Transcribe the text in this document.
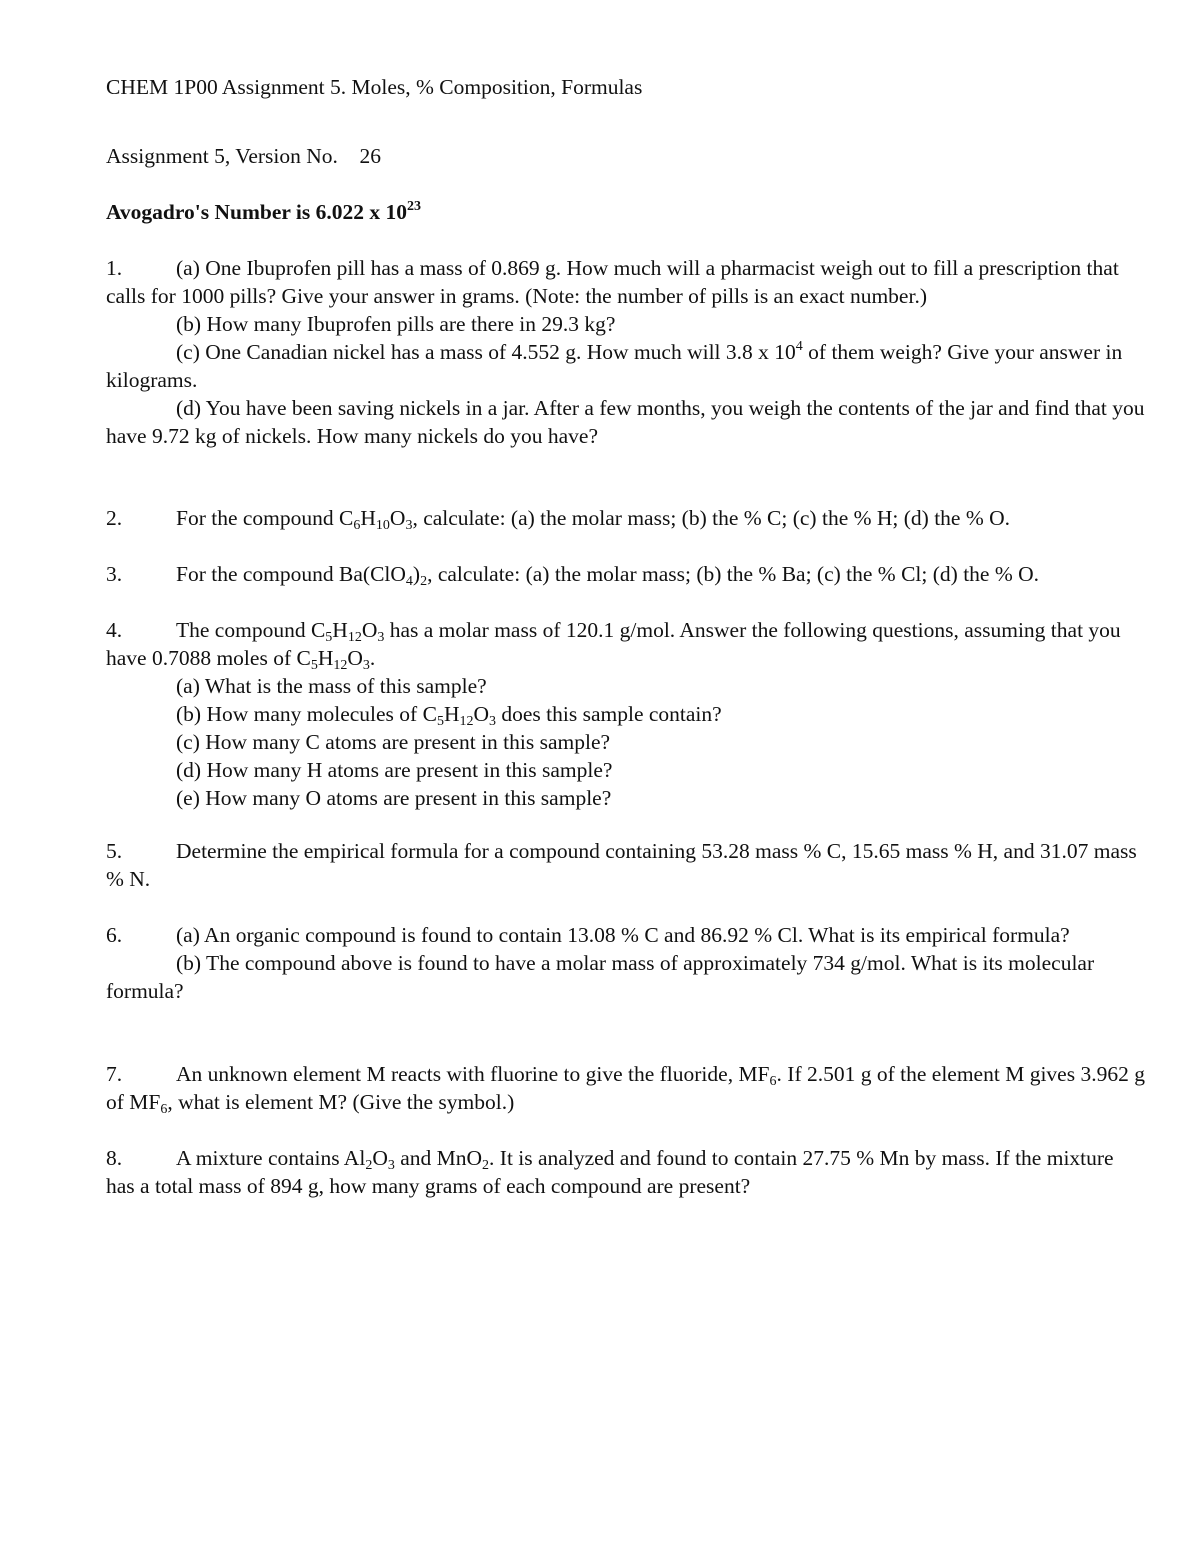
CHEM 1P00 Assignment 5. Moles, % Composition, Formulas
Assignment 5, Version No. 26
Avogadro's Number is 6.022 x $10^{23}$

1.	(a) One Ibuprofen pill has a mass of 0.869 g. How much will a pharmacist weigh out to fill a prescription that calls for 1000 pills? Give your answer in grams. (Note: the number of pills is an exact number.)

(b) How many Ibuprofen pills are there in 29.3 kg?

(c) One Canadian nickel has a mass of 4.552 g. How much will 3.8 x $10^4$ of them weigh? Give your answer in kilograms.

(d) You have been saving nickels in a jar. After a few months, you weigh the contents of the jar and find that you have 9.72 kg of nickels. How many nickels do you have?

2.	For the compound $C_6H_{10}O_3$, calculate: (a) the molar mass; (b) the % C; (c) the % H; (d) the % O.
3.	For the compound $Ba(ClO_4)_2$, calculate: (a) the molar mass; (b) the % Ba; (c) the % Cl; (d) the % O.

4.	The compound $C_5H_{12}O_3$ has a molar mass of 120.1 g/mol. Answer the following questions, assuming that you have 0.7088 moles of $C_5H_{12}O_3$.

(a) What is the mass of this sample?

(b) How many molecules of $C_5H_{12}O_3$ does this sample contain?

(c) How many C atoms are present in this sample?

(d) How many H atoms are present in this sample?

(e) How many O atoms are present in this sample?

5.	Determine the empirical formula for a compound containing 53.28 mass % C, 15.65 mass % H, and 31.07 mass % N.

6.	(a) An organic compound is found to contain 13.08 % C and 86.92 % Cl. What is its empirical formula?

(b) The compound above is found to have a molar mass of approximately 734 g/mol. What is its molecular formula?

7.	An unknown element M reacts with fluorine to give the fluoride, $MF_6$. If 2.501 g of the element M gives 3.962 g of $MF_6$, what is element M? (Give the symbol.)

8.	A mixture contains $Al_2O_3$ and MnO$_2$. It is analyzed and found to contain 27.75 % Mn by mass. If the mixture has a total mass of 894 g, how many grams of each compound are present?
